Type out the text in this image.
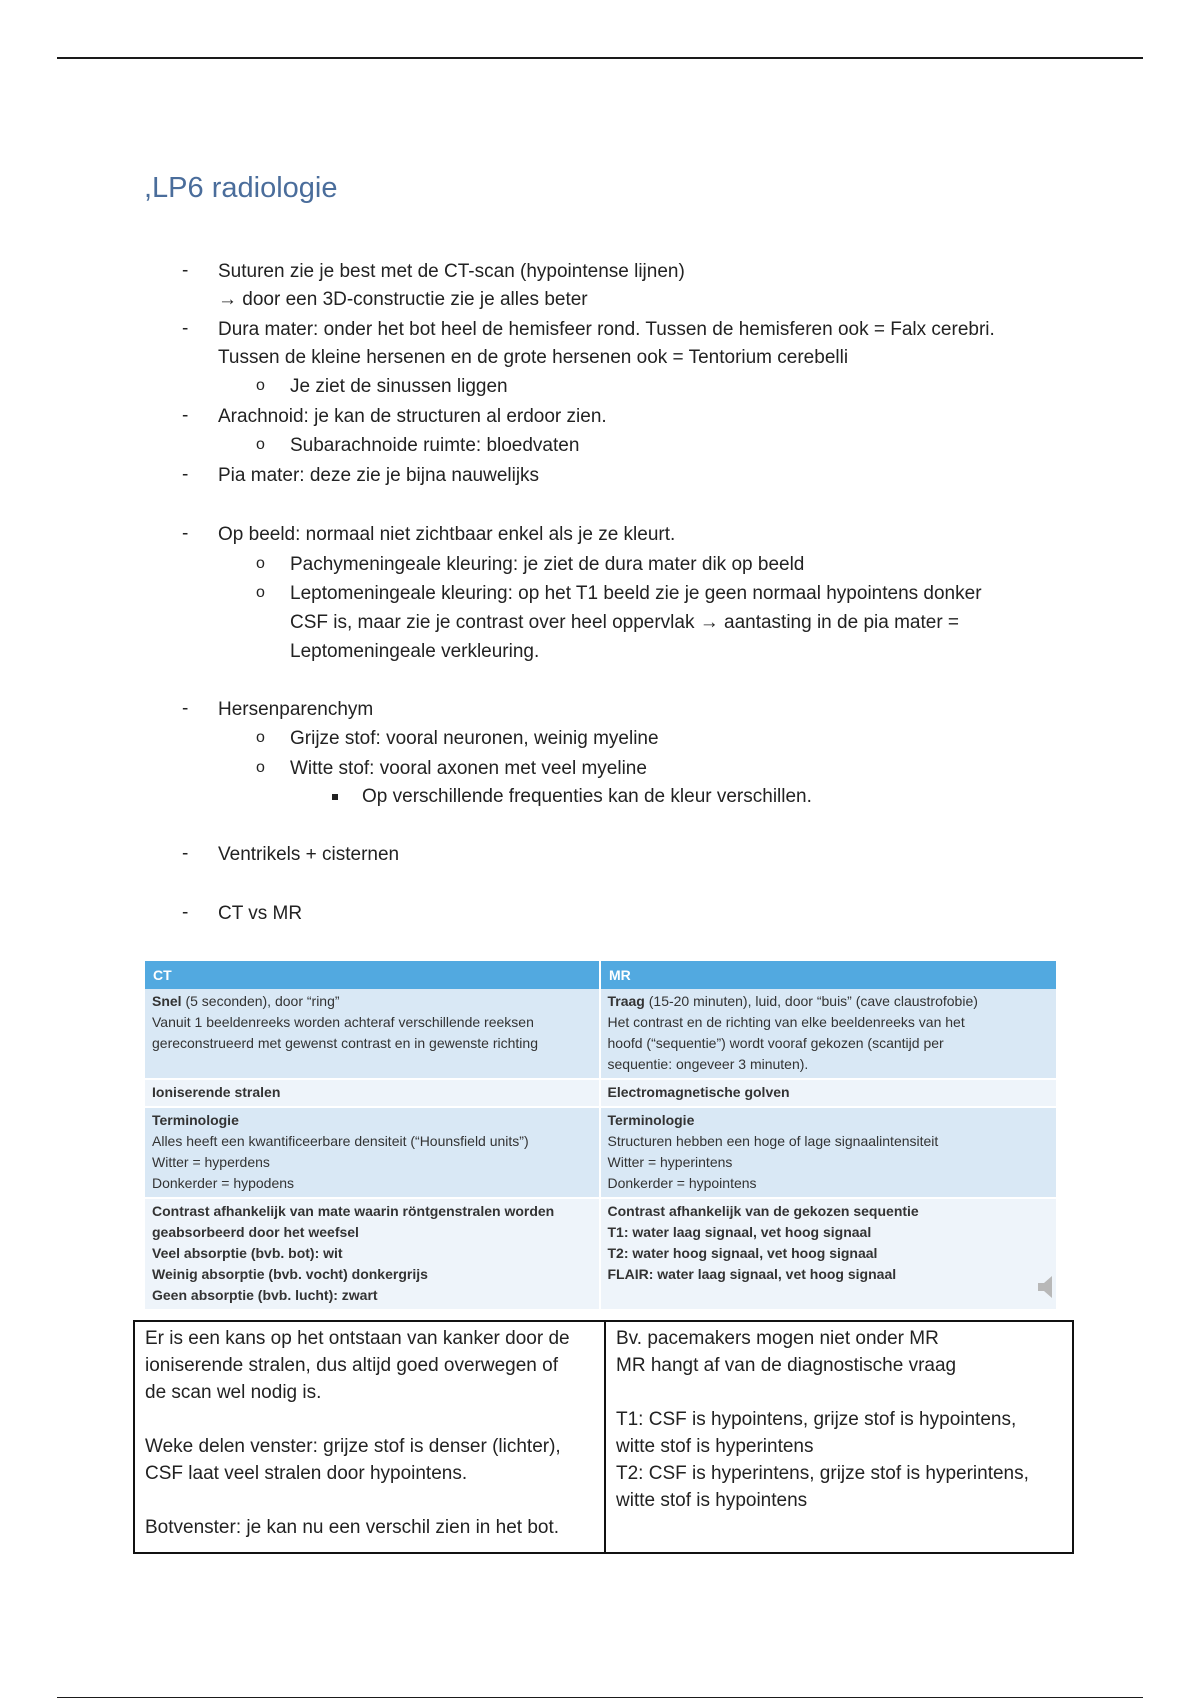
,LP6 radiologie
- Suturen zie je best met de CT-scan (hypointense lijnen)
→ door een 3D-constructie zie je alles beter
- Dura mater: onder het bot heel de hemisfeer rond. Tussen de hemisferen ook = Falx cerebri.
Tussen de kleine hersenen en de grote hersenen ook = Tentorium cerebelli
o Je ziet de sinussen liggen
- Arachnoid: je kan de structuren al erdoor zien.
o Subarachnoide ruimte: bloedvaten
- Pia mater: deze zie je bijna nauwelijks
- Op beeld: normaal niet zichtbaar enkel als je ze kleurt.
o Pachymeningeale kleuring: je ziet de dura mater dik op beeld
o Leptomeningeale kleuring: op het T1 beeld zie je geen normaal hypointens donker
CSF is, maar zie je contrast over heel oppervlak → aantasting in de pia mater =
Leptomeningeale verkleuring.
- Hersenparenchym
o Grijze stof: vooral neuronen, weinig myeline
o Witte stof: vooral axonen met veel myeline
Op verschillende frequenties kan de kleur verschillen.
- Ventrikels + cisternen
- CT vs MR
CT	MR
Snel (5 seconden), door “ring”
Vanuit 1 beeldenreeks worden achteraf verschillende reeksen
gereconstrueerd met gewenst contrast en in gewenste richting
Traag (15-20 minuten), luid, door “buis” (cave claustrofobie)
Het contrast en de richting van elke beeldenreeks van het
hoofd (“sequentie”) wordt vooraf gekozen (scantijd per
sequentie: ongeveer 3 minuten).
Ioniserende stralen	Electromagnetische golven
Terminologie
Alles heeft een kwantificeerbare densiteit (“Hounsfield units”)
Witter = hyperdens
Donkerder = hypodens
Terminologie
Structuren hebben een hoge of lage signaalintensiteit
Witter = hyperintens
Donkerder = hypointens
Contrast afhankelijk van mate waarin röntgenstralen worden
geabsorbeerd door het weefsel
Veel absorptie (bvb. bot): wit
Weinig absorptie (bvb. vocht) donkergrijs
Geen absorptie (bvb. lucht): zwart
Contrast afhankelijk van de gekozen sequentie
T1: water laag signaal, vet hoog signaal
T2: water hoog signaal, vet hoog signaal
FLAIR: water laag signaal, vet hoog signaal

Er is een kans op het ontstaan van kanker door de

ioniserende stralen, dus altijd goed overwegen of

de scan wel nodig is.

Weke delen venster: grijze stof is denser (lichter),

CSF laat veel stralen door hypointens.

Botvenster: je kan nu een verschil zien in het bot.

Bv. pacemakers mogen niet onder MR

MR hangt af van de diagnostische vraag

T1: CSF is hypointens, grijze stof is hypointens,

witte stof is hyperintens

T2: CSF is hyperintens, grijze stof is hyperintens,

witte stof is hypointens
